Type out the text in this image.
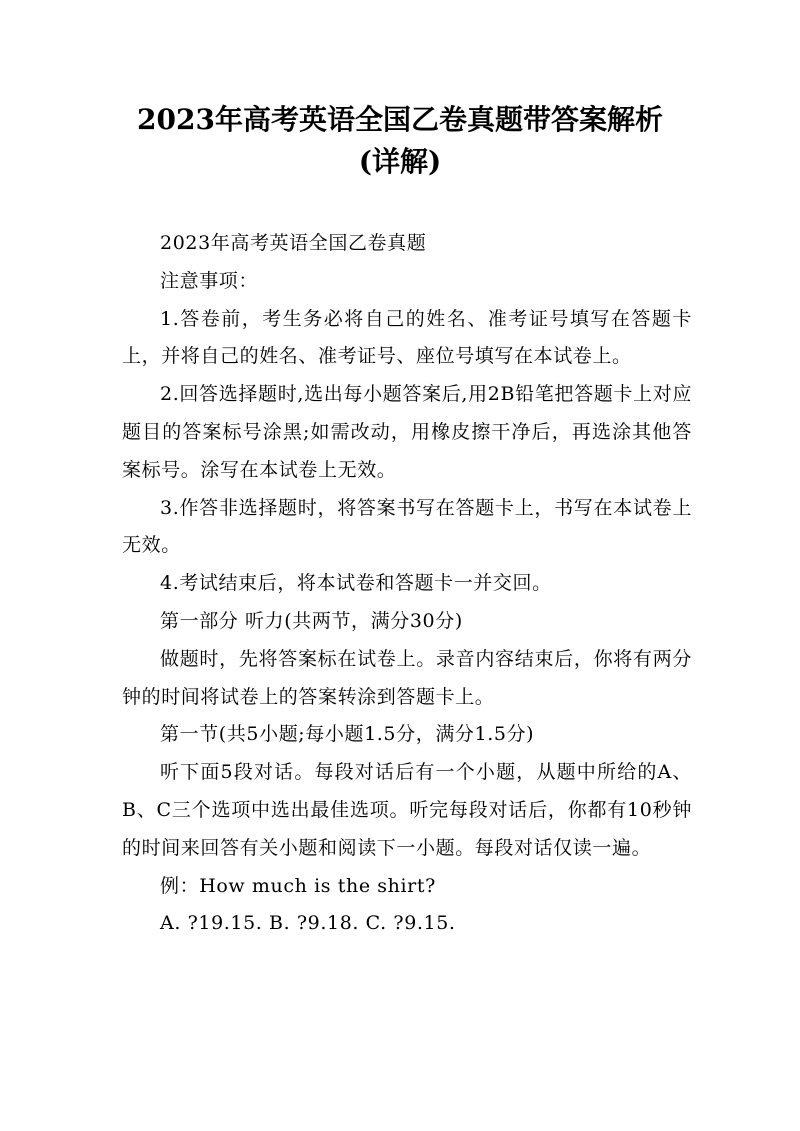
2023年高考英语全国乙卷真题带答案解析
(详解)

2023年高考英语全国乙卷真题

注意事项：

1.答卷前，考生务必将自己的姓名、准考证号填写在答题卡上，并将自己的姓名、准考证号、座位号填写在本试卷上。

2.回答选择题时,选出每小题答案后,用2B铅笔把答题卡上对应题目的答案标号涂黑;如需改动，用橡皮擦干净后，再选涂其他答案标号。涂写在本试卷上无效。

3.作答非选择题时，将答案书写在答题卡上，书写在本试卷上无效。

4.考试结束后，将本试卷和答题卡一并交回。

第一部分 听力(共两节，满分30分)

做题时，先将答案标在试卷上。录音内容结束后，你将有两分钟的时间将试卷上的答案转涂到答题卡上。

第一节(共5小题;每小题1.5分，满分1.5分)

听下面5段对话。每段对话后有一个小题，从题中所给的A、B、C三个选项中选出最佳选项。听完每段对话后，你都有10秒钟的时间来回答有关小题和阅读下一小题。每段对话仅读一遍。

例：How much is the shirt?

A. ?19.15. B. ?9.18. C. ?9.15.
